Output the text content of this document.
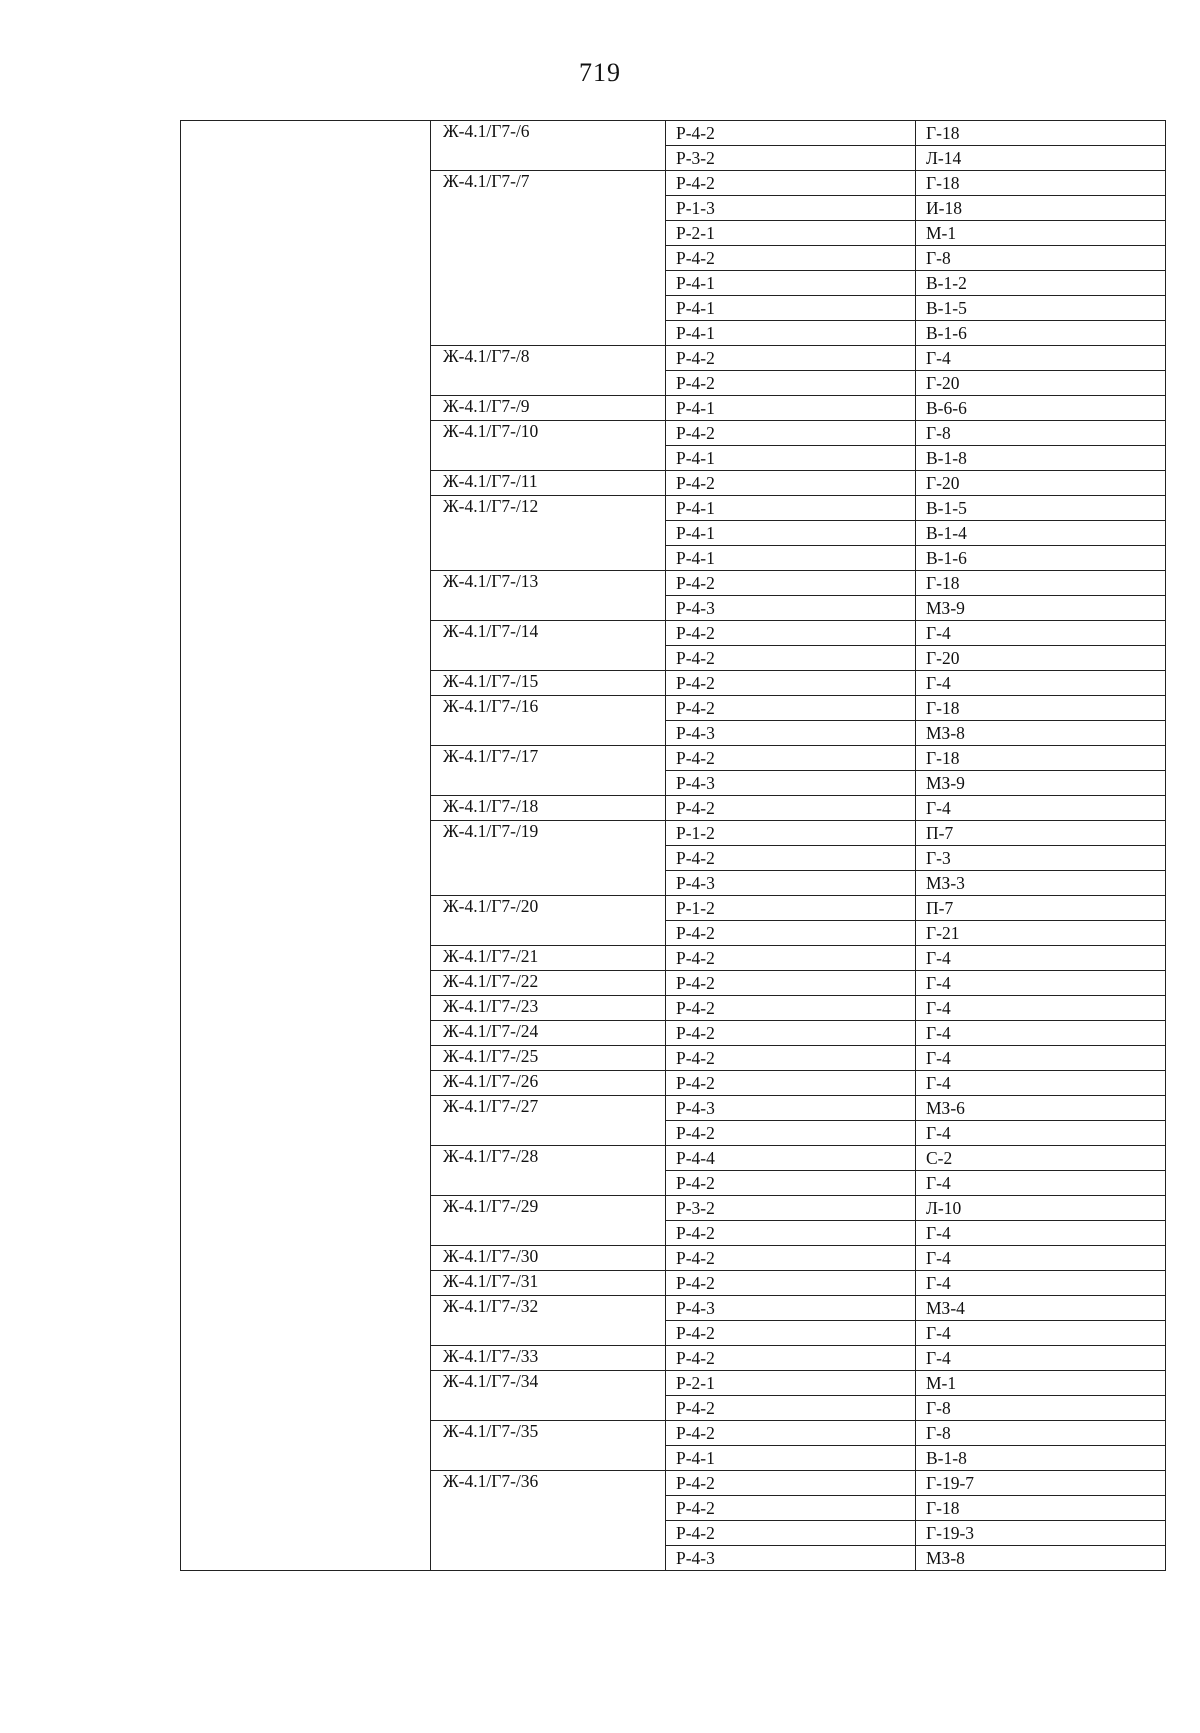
719
	Ж-4.1/Г7-/6	Р-4-2	Г-18
		Р-3-2	Л-14
	Ж-4.1/Г7-/7	Р-4-2	Г-18
		Р-1-3	И-18
		Р-2-1	М-1
		Р-4-2	Г-8
		Р-4-1	В-1-2
		Р-4-1	В-1-5
		Р-4-1	В-1-6
	Ж-4.1/Г7-/8	Р-4-2	Г-4
		Р-4-2	Г-20
	Ж-4.1/Г7-/9	Р-4-1	В-6-6
	Ж-4.1/Г7-/10	Р-4-2	Г-8
		Р-4-1	В-1-8
	Ж-4.1/Г7-/11	Р-4-2	Г-20
	Ж-4.1/Г7-/12	Р-4-1	В-1-5
		Р-4-1	В-1-4
		Р-4-1	В-1-6
	Ж-4.1/Г7-/13	Р-4-2	Г-18
		Р-4-3	МЗ-9
	Ж-4.1/Г7-/14	Р-4-2	Г-4
		Р-4-2	Г-20
	Ж-4.1/Г7-/15	Р-4-2	Г-4
	Ж-4.1/Г7-/16	Р-4-2	Г-18
		Р-4-3	МЗ-8
	Ж-4.1/Г7-/17	Р-4-2	Г-18
		Р-4-3	МЗ-9
	Ж-4.1/Г7-/18	Р-4-2	Г-4
	Ж-4.1/Г7-/19	Р-1-2	П-7
		Р-4-2	Г-3
		Р-4-3	МЗ-3
	Ж-4.1/Г7-/20	Р-1-2	П-7
		Р-4-2	Г-21
	Ж-4.1/Г7-/21	Р-4-2	Г-4
	Ж-4.1/Г7-/22	Р-4-2	Г-4
	Ж-4.1/Г7-/23	Р-4-2	Г-4
	Ж-4.1/Г7-/24	Р-4-2	Г-4
	Ж-4.1/Г7-/25	Р-4-2	Г-4
	Ж-4.1/Г7-/26	Р-4-2	Г-4
	Ж-4.1/Г7-/27	Р-4-3	МЗ-6
		Р-4-2	Г-4
	Ж-4.1/Г7-/28	Р-4-4	С-2
		Р-4-2	Г-4
	Ж-4.1/Г7-/29	Р-3-2	Л-10
		Р-4-2	Г-4
	Ж-4.1/Г7-/30	Р-4-2	Г-4
	Ж-4.1/Г7-/31	Р-4-2	Г-4
	Ж-4.1/Г7-/32	Р-4-3	МЗ-4
		Р-4-2	Г-4
	Ж-4.1/Г7-/33	Р-4-2	Г-4
	Ж-4.1/Г7-/34	Р-2-1	М-1
		Р-4-2	Г-8
	Ж-4.1/Г7-/35	Р-4-2	Г-8
		Р-4-1	В-1-8
	Ж-4.1/Г7-/36	Р-4-2	Г-19-7
		Р-4-2	Г-18
		Р-4-2	Г-19-3
		Р-4-3	МЗ-8
